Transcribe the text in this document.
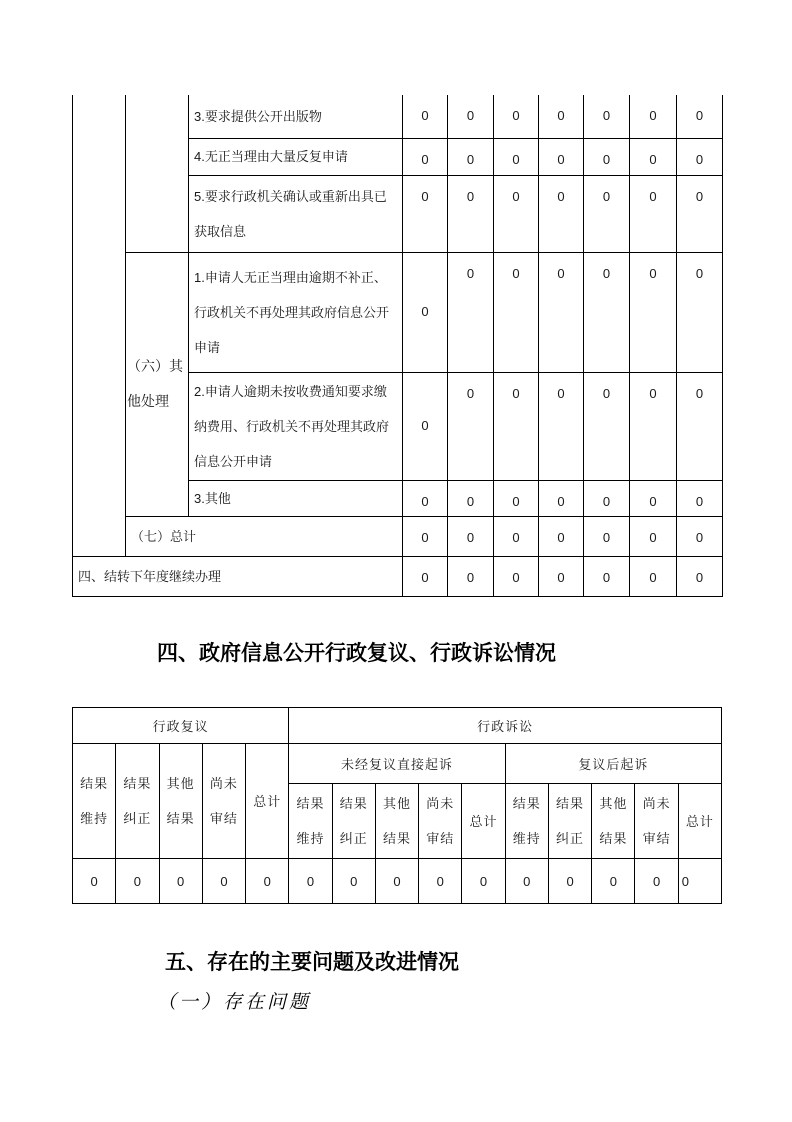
		3.要求提供公开出版物	0	0	0	0	0	0	0
		4.无正当理由大量反复申请	0	0	0	0	0	0	0
		5.要求行政机关确认或重新出具已获取信息	0	0	0	0	0	0	0
	（六）其他处理	1.申请人无正当理由逾期不补正、行政机关不再处理其政府信息公开申请	0	0	0	0	0	0	0
		2.申请人逾期未按收费通知要求缴纳费用、行政机关不再处理其政府信息公开申请	0	0	0	0	0	0	0
		3.其他	0	0	0	0	0	0	0
	（七）总计		0	0	0	0	0	0	0
四、结转下年度继续办理			0	0	0	0	0	0	0
四、政府信息公开行政复议、行政诉讼情况
行政复议					行政诉讼									
结果维持	结果纠正	其他结果	尚未审结	总计	未经复议直接起诉					复议后起诉				
					结果维持	结果纠正	其他结果	尚未审结	总计	结果维持	结果纠正	其他结果	尚未审结	总计
0	0	0	0	0	0	0	0	0	0	0	0	0	0	0
五、存在的主要问题及改进情况
（一）存在问题
